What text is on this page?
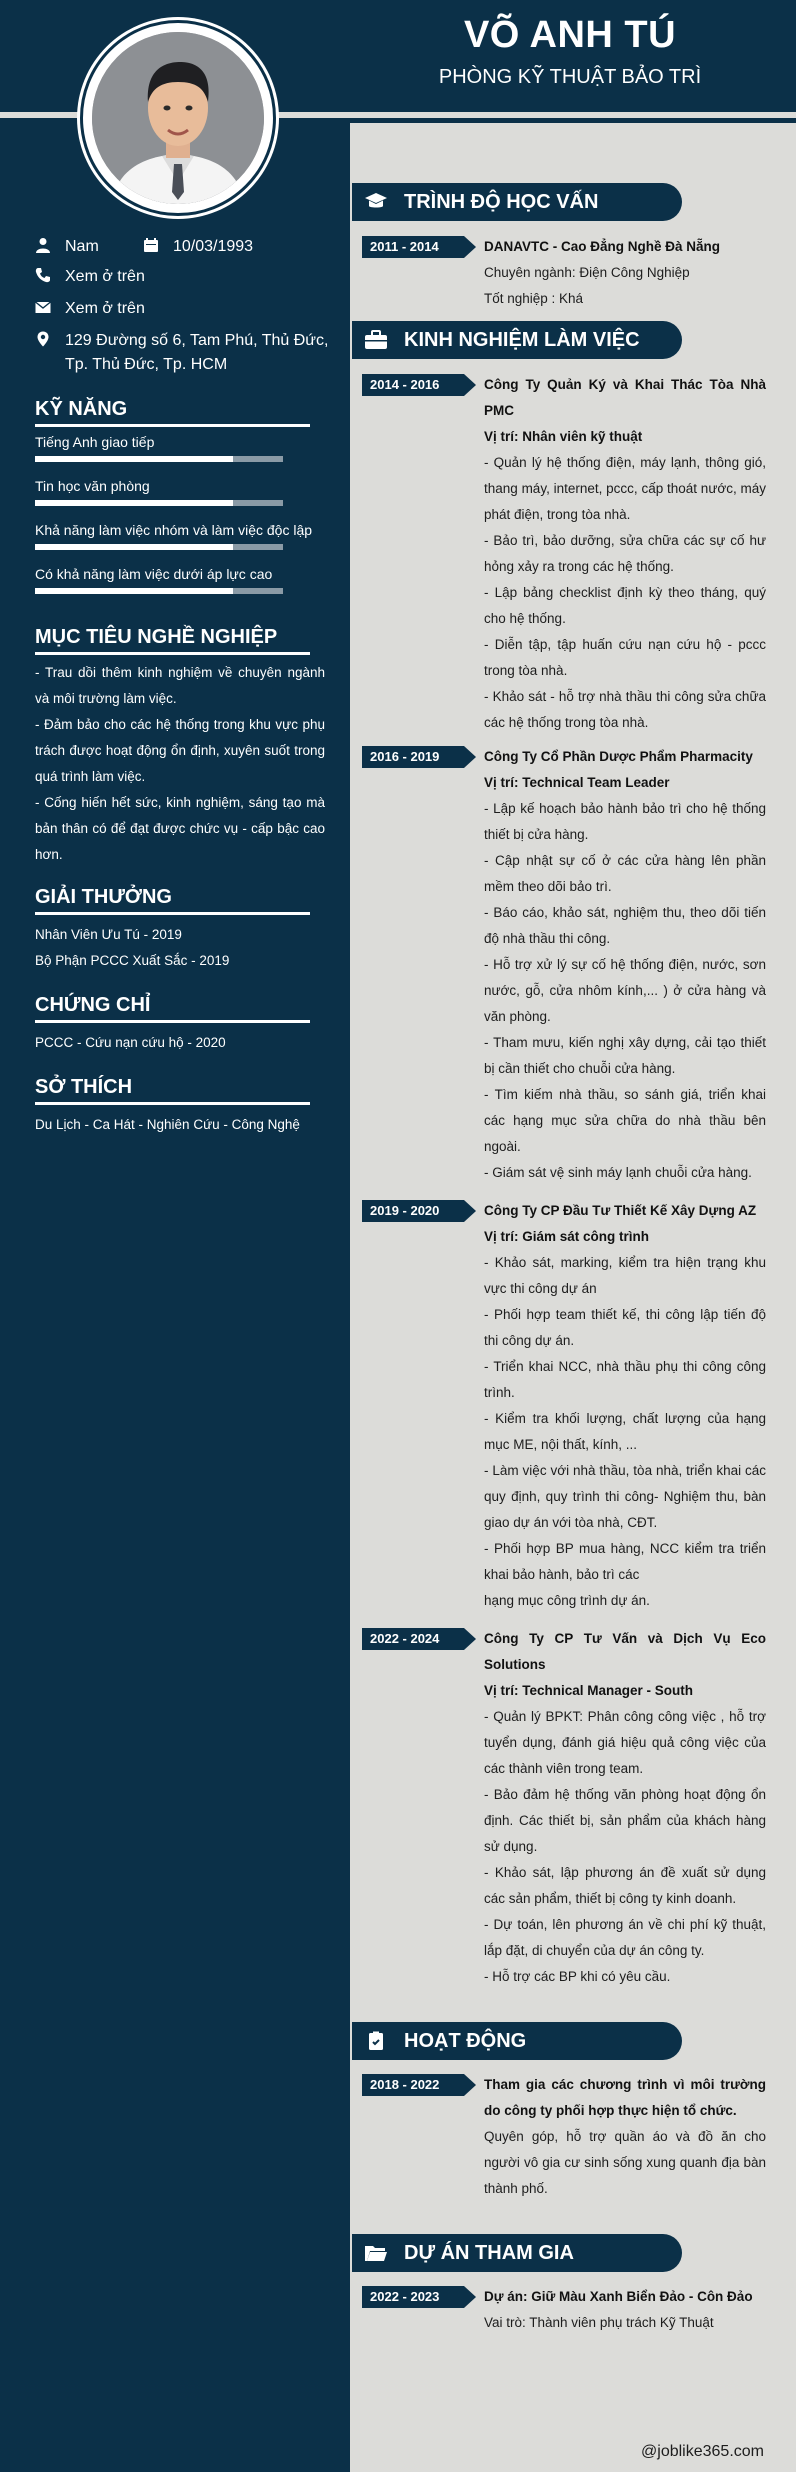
VÕ ANH TÚ
PHÒNG KỸ THUẬT BẢO TRÌ
Nam	10/03/1993
Xem ở trên
Xem ở trên
129 Đường số 6, Tam Phú, Thủ Đức,
Tp. Thủ Đức, Tp. HCM
KỸ NĂNG
Tiếng Anh giao tiếp
Tin học văn phòng
Khả năng làm việc nhóm và làm việc độc lập
Có khả năng làm việc dưới áp lực cao
MỤC TIÊU NGHỀ NGHIỆP
- Trau dồi thêm kinh nghiệm về chuyên ngành và môi trường làm việc.
- Đảm bảo cho các hệ thống trong khu vực phụ trách được hoạt động ổn định, xuyên suốt trong quá trình làm việc.
- Cống hiến hết sức, kinh nghiệm, sáng tạo mà bản thân có để đạt được chức vụ - cấp bậc cao hơn.
GIẢI THƯỞNG
Nhân Viên Ưu Tú - 2019
Bộ Phận PCCC Xuất Sắc - 2019
CHỨNG CHỈ
PCCC - Cứu nạn cứu hộ - 2020
SỞ THÍCH
Du Lịch - Ca Hát - Nghiên Cứu - Công Nghệ
TRÌNH ĐỘ HỌC VẤN
2011 - 2014	DANAVTC - Cao Đẳng Nghề Đà Nẵng
Chuyên ngành: Điện Công Nghiệp
Tốt nghiệp : Khá
KINH NGHIỆM LÀM VIỆC
2014 - 2016	Công Ty Quản Ký và Khai Thác Tòa Nhà PMC
Vị trí: Nhân viên kỹ thuật
- Quản lý hệ thống điện, máy lạnh, thông gió, thang máy, internet, pccc, cấp thoát nước, máy phát điện, trong tòa nhà.
- Bảo trì, bảo dưỡng, sửa chữa các sự cố hư hỏng xảy ra trong các hệ thống.
- Lập bảng checklist định kỳ theo tháng, quý cho hệ thống.
- Diễn tập, tập huấn cứu nạn cứu hộ - pccc trong tòa nhà.
- Khảo sát - hỗ trợ nhà thầu thi công sửa chữa các hệ thống trong tòa nhà.
2016 - 2019	Công Ty Cổ Phần Dược Phẩm Pharmacity
Vị trí: Technical Team Leader
- Lập kế hoạch bảo hành bảo trì cho hệ thống thiết bị cửa hàng.
- Cập nhật sự cố ở các cửa hàng lên phần mềm theo dõi bảo trì.
- Báo cáo, khảo sát, nghiệm thu, theo dõi tiến độ nhà thầu thi công.
- Hỗ trợ xử lý sự cố hệ thống điện, nước, sơn nước, gỗ, cửa nhôm kính,... ) ở cửa hàng và văn phòng.
- Tham mưu, kiến nghị xây dựng, cải tạo thiết bị cần thiết cho chuỗi cửa hàng.
- Tìm kiếm nhà thầu, so sánh giá, triển khai các hạng mục sửa chữa do nhà thầu bên ngoài.
- Giám sát vệ sinh máy lạnh chuỗi cửa hàng.
2019 - 2020	Công Ty CP Đầu Tư Thiết Kế Xây Dựng AZ
Vị trí: Giám sát công trình
- Khảo sát, marking, kiểm tra hiện trạng khu vực thi công dự án
- Phối hợp team thiết kế, thi công lập tiến độ thi công dự án.
- Triển khai NCC, nhà thầu phụ thi công công trình.
- Kiểm tra khối lượng, chất lượng của hạng mục ME, nội thất, kính, ...
- Làm việc với nhà thầu, tòa nhà, triển khai các quy định, quy trình thi công- Nghiệm thu, bàn giao dự án với tòa nhà, CĐT.
- Phối hợp BP mua hàng, NCC kiểm tra triển khai bảo hành, bảo trì các
hạng mục công trình dự án.
2022 - 2024	Công Ty CP Tư Vấn và Dịch Vụ Eco Solutions
Vị trí: Technical Manager - South
- Quản lý BPKT: Phân công công việc , hỗ trợ tuyển dụng, đánh giá hiệu quả công việc của các thành viên trong team.
- Bảo đảm hệ thống văn phòng hoạt động ổn định. Các thiết bị, sản phẩm của khách hàng sử dụng.
- Khảo sát, lập phương án đề xuất sử dụng các sản phẩm, thiết bị công ty kinh doanh.
- Dự toán, lên phương án về chi phí kỹ thuật, lắp đặt, di chuyển của dự án công ty.
- Hỗ trợ các BP khi có yêu cầu.
HOẠT ĐỘNG
2018 - 2022	Tham gia các chương trình vì môi trường do công ty phối hợp thực hiện tổ chức.
Quyên góp, hỗ trợ quần áo và đồ ăn cho người vô gia cư sinh sống xung quanh địa bàn thành phố.
DỰ ÁN THAM GIA
2022 - 2023	Dự án: Giữ Màu Xanh Biển Đảo - Côn Đảo
Vai trò: Thành viên phụ trách Kỹ Thuật
@joblike365.com
